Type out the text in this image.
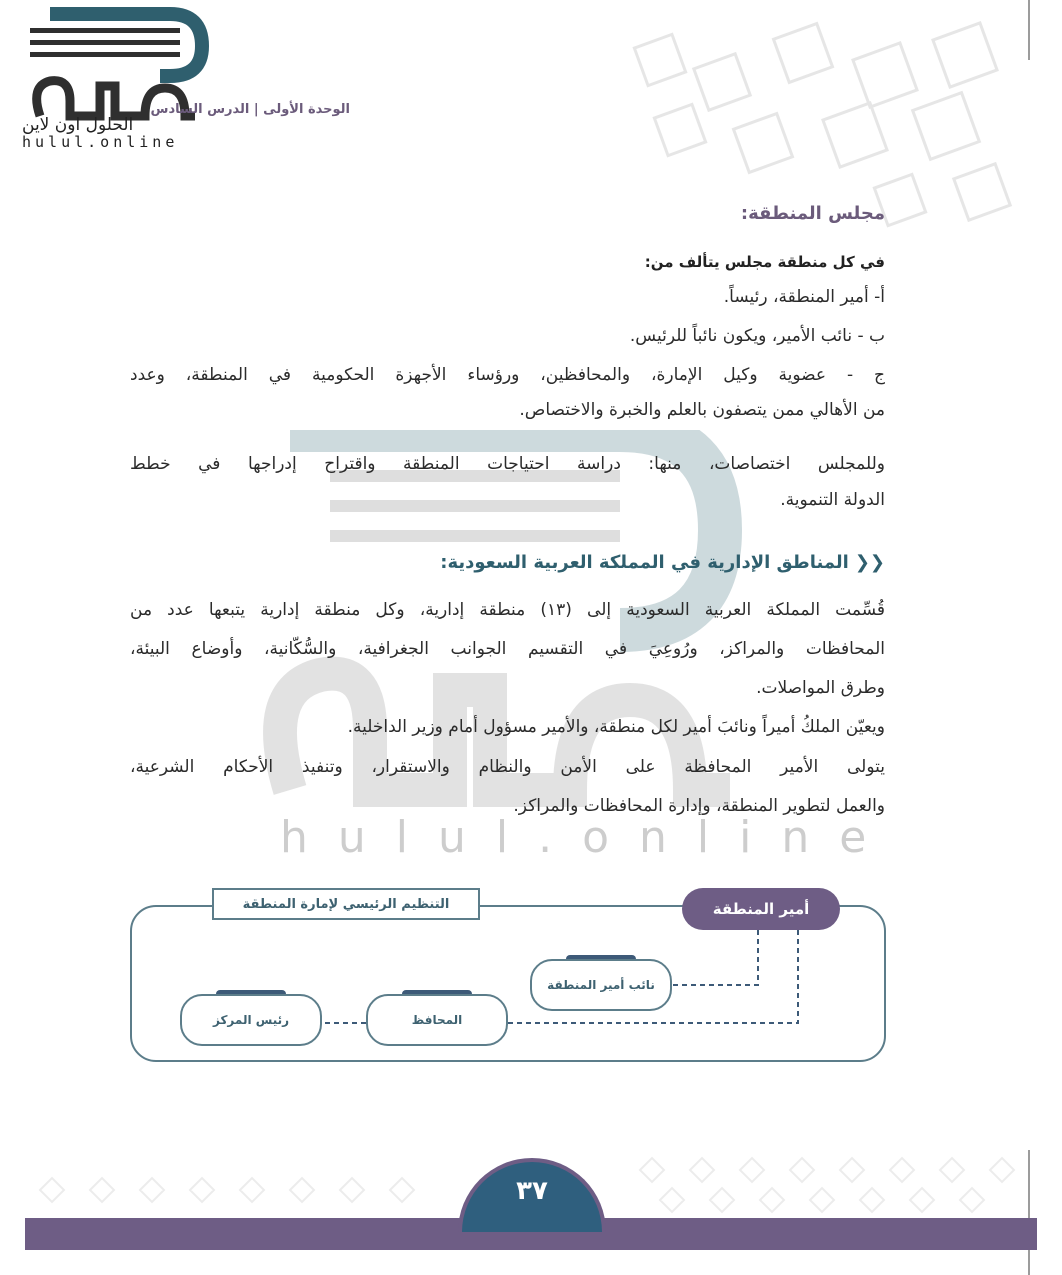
الحلول اون لاين
hulul.online
الوحدة الأولى | الدرس السادس
hulul.online
مجلس المنطقة:
في كل منطقة مجلس يتألف من:
أ- أمير المنطقة، رئيساً.
ب - نائب الأمير، ويكون نائباً للرئيس.
ج - عضوية وكيل الإمارة، والمحافظين، ورؤساء الأجهزة الحكومية في المنطقة، وعدد
من الأهالي ممن يتصفون بالعلم والخبرة والاختصاص.
وللمجلس اختصاصات، منها: دراسة احتياجات المنطقة واقتراح إدراجها في خطط
الدولة التنموية.
❮❮
المناطق الإدارية في المملكة العربية السعودية:
قُسِّمت المملكة العربية السعودية إلى (١٣) منطقة إدارية، وكل منطقة إدارية يتبعها عدد من
المحافظات والمراكز، ورُوعِيَ في التقسيم الجوانب الجغرافية، والسُّكّانية، وأوضاع البيئة،
وطرق المواصلات.
ويعيّن الملكُ أميراً ونائبَ أمير لكل منطقة، والأمير مسؤول أمام وزير الداخلية.
يتولى الأمير المحافظة على الأمن والنظام والاستقرار، وتنفيذ الأحكام الشرعية،
والعمل لتطوير المنطقة، وإدارة المحافظات والمراكز.
التنظيم الرئيسي لإمارة المنطقة	أمير المنطقة
نائب أمير المنطقة
المحافظ
رئيس المركز
٣٧
